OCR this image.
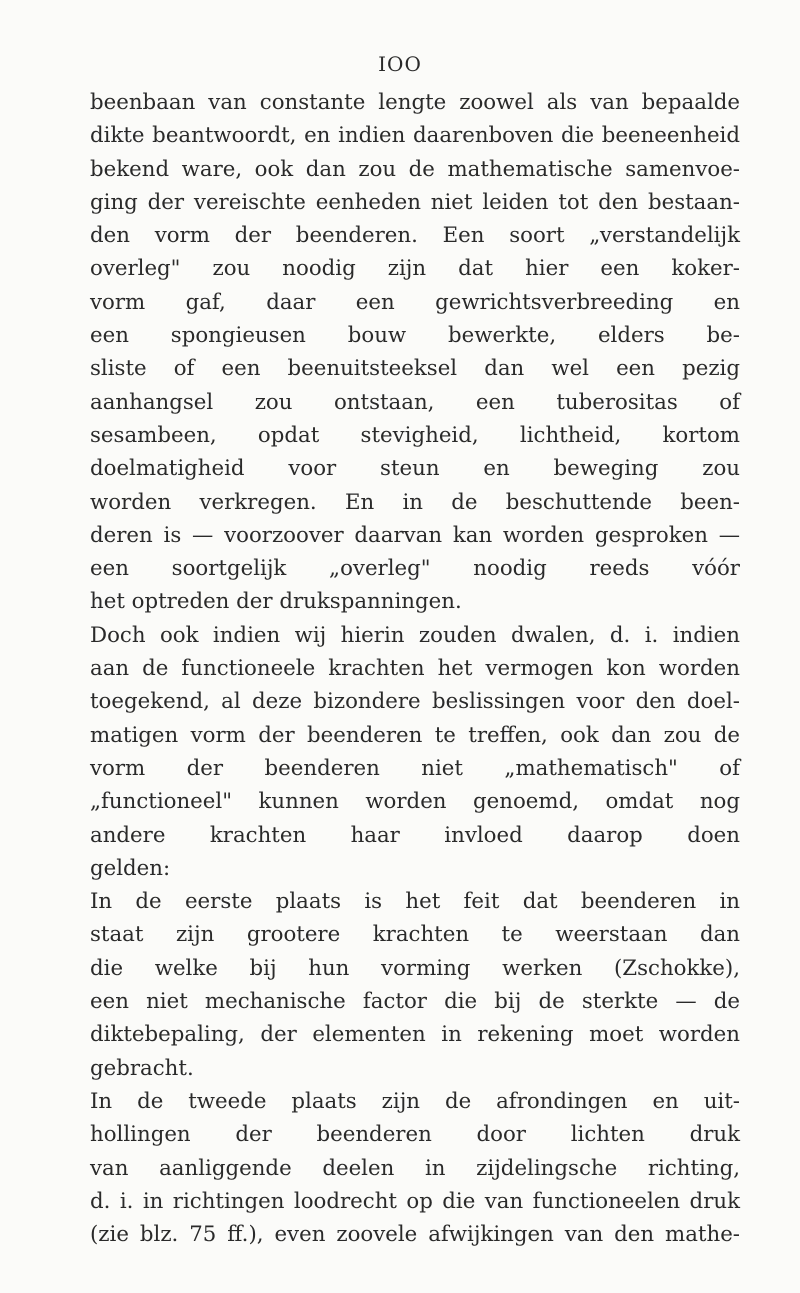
IOO
beenbaan van constante lengte zoowel als van bepaalde
dikte beantwoordt, en indien daarenboven die beeneenheid
bekend ware, ook dan zou de mathematische samenvoe-
ging der vereischte eenheden niet leiden tot den bestaan-
den vorm der beenderen. Een soort „verstandelijk
overleg" zou noodig zijn dat hier een koker-
vorm gaf, daar een gewrichtsverbreeding en
een spongieusen bouw bewerkte, elders be-
sliste of een beenuitsteeksel dan wel een pezig
aanhangsel zou ontstaan, een tuberositas of
sesambeen, opdat stevigheid, lichtheid, kortom
doelmatigheid voor steun en beweging zou
worden verkregen. En in de beschuttende been-
deren is — voorzoover daarvan kan worden gesproken —
een soortgelijk „overleg" noodig reeds vóór
het optreden der drukspanningen.
Doch ook indien wij hierin zouden dwalen, d. i. indien
aan de functioneele krachten het vermogen kon worden
toegekend, al deze bizondere beslissingen voor den doel-
matigen vorm der beenderen te treffen, ook dan zou de
vorm der beenderen niet „mathematisch" of
„functioneel" kunnen worden genoemd, omdat nog
andere krachten haar invloed daarop doen
gelden:
In de eerste plaats is het feit dat beenderen in
staat zijn grootere krachten te weerstaan dan
die welke bij hun vorming werken (Zschokke),
een niet mechanische factor die bij de sterkte — de
diktebepaling, der elementen in rekening moet worden
gebracht.
In de tweede plaats zijn de afrondingen en uit-
hollingen der beenderen door lichten druk
van aanliggende deelen in zijdelingsche richting,
d. i. in richtingen loodrecht op die van functioneelen druk
(zie blz. 75 ff.), even zoovele afwijkingen van den mathe-
